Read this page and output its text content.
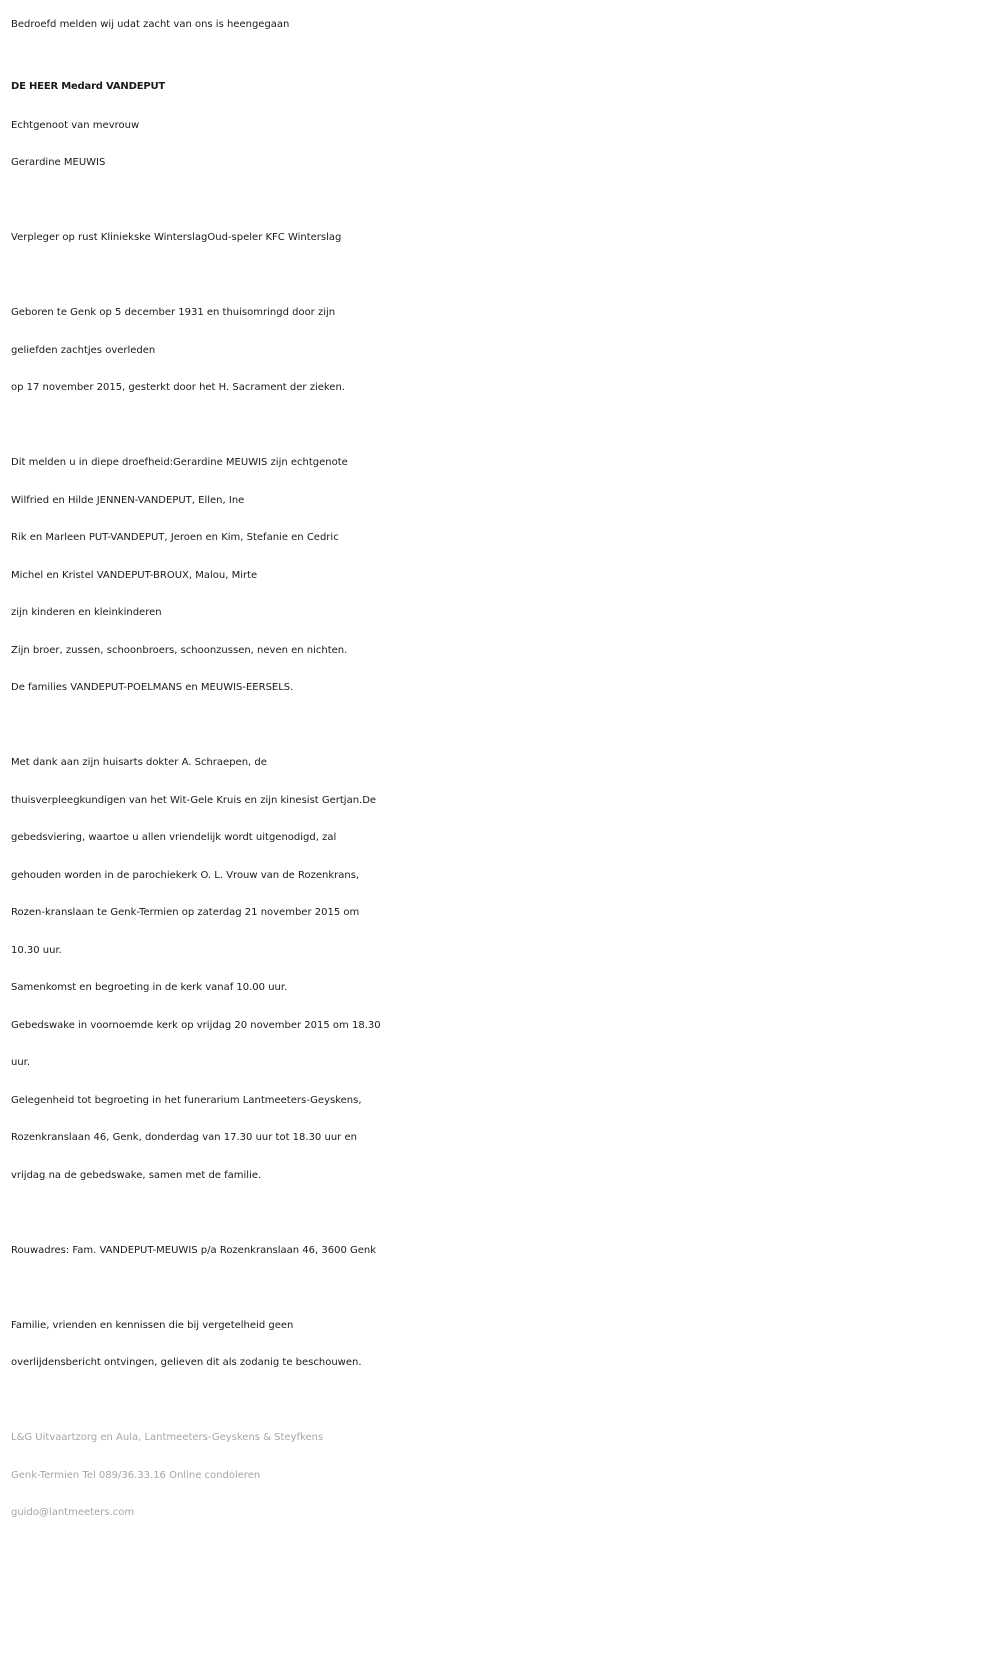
Bedroefd melden wij udat zacht van ons is heengegaan

DE HEER Medard VANDEPUT

Echtgenoot van mevrouw

Gerardine MEUWIS

Verpleger op rust Kliniekske WinterslagOud-speler KFC Winterslag

Geboren te Genk op 5 december 1931 en thuisomringd door zijn

geliefden zachtjes overleden

op 17 november 2015, gesterkt door het H. Sacrament der zieken.

Dit melden u in diepe droefheid:Gerardine MEUWIS zijn echtgenote

Wilfried en Hilde JENNEN-VANDEPUT, Ellen, Ine

Rik en Marleen PUT-VANDEPUT, Jeroen en Kim, Stefanie en Cedric

Michel en Kristel VANDEPUT-BROUX, Malou, Mirte

zijn kinderen en kleinkinderen

Zijn broer, zussen, schoonbroers, schoonzussen, neven en nichten.

De families VANDEPUT-POELMANS en MEUWIS-EERSELS.

Met dank aan zijn huisarts dokter A. Schraepen, de

thuisverpleegkundigen van het Wit-Gele Kruis en zijn kinesist Gertjan.De

gebedsviering, waartoe u allen vriendelijk wordt uitgenodigd, zal

gehouden worden in de parochiekerk O. L. Vrouw van de Rozenkrans,

Rozen-kranslaan te Genk-Termien op zaterdag 21 november 2015 om

10.30 uur.

Samenkomst en begroeting in de kerk vanaf 10.00 uur.

Gebedswake in voornoemde kerk op vrijdag 20 november 2015 om 18.30

uur.

Gelegenheid tot begroeting in het funerarium Lantmeeters-Geyskens,

Rozenkranslaan 46, Genk, donderdag van 17.30 uur tot 18.30 uur en

vrijdag na de gebedswake, samen met de familie.

Rouwadres: Fam. VANDEPUT-MEUWIS p/a Rozenkranslaan 46, 3600 Genk

Familie, vrienden en kennissen die bij vergetelheid geen

overlijdensbericht ontvingen, gelieven dit als zodanig te beschouwen.

L&G Uitvaartzorg en Aula, Lantmeeters-Geyskens & Steyfkens

Genk-Termien Tel 089/36.33.16 Online condoleren

guido@lantmeeters.com
